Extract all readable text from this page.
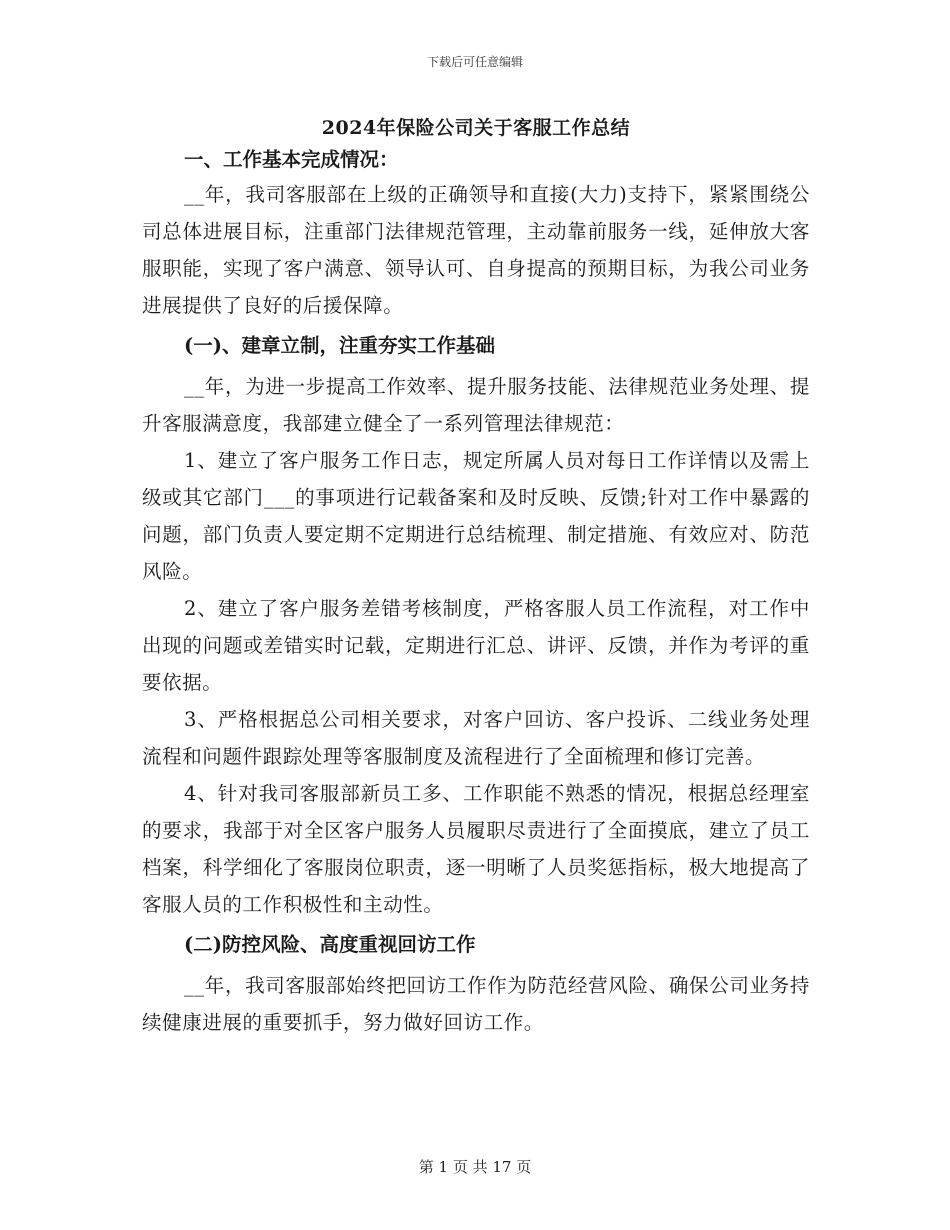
下载后可任意编辑
2024年保险公司关于客服工作总结
一、工作基本完成情况：

__年，我司客服部在上级的正确领导和直接(大力)支持下，紧紧围绕公司总体进展目标，注重部门法律规范管理，主动靠前服务一线，延伸放大客服职能，实现了客户满意、领导认可、自身提高的预期目标，为我公司业务进展提供了良好的后援保障。

(一)、建章立制，注重夯实工作基础

__年，为进一步提高工作效率、提升服务技能、法律规范业务处理、提升客服满意度，我部建立健全了一系列管理法律规范：

1、建立了客户服务工作日志，规定所属人员对每日工作详情以及需上级或其它部门___的事项进行记载备案和及时反映、反馈;针对工作中暴露的问题，部门负责人要定期不定期进行总结梳理、制定措施、有效应对、防范风险。

2、建立了客户服务差错考核制度，严格客服人员工作流程，对工作中出现的问题或差错实时记载，定期进行汇总、讲评、反馈，并作为考评的重要依据。

3、严格根据总公司相关要求，对客户回访、客户投诉、二线业务处理流程和问题件跟踪处理等客服制度及流程进行了全面梳理和修订完善。

4、针对我司客服部新员工多、工作职能不熟悉的情况，根据总经理室的要求，我部于对全区客户服务人员履职尽责进行了全面摸底，建立了员工档案，科学细化了客服岗位职责，逐一明晰了人员奖惩指标，极大地提高了客服人员的工作积极性和主动性。

(二)防控风险、高度重视回访工作

__年，我司客服部始终把回访工作作为防范经营风险、确保公司业务持续健康进展的重要抓手，努力做好回访工作。

第 1 页 共 17 页
